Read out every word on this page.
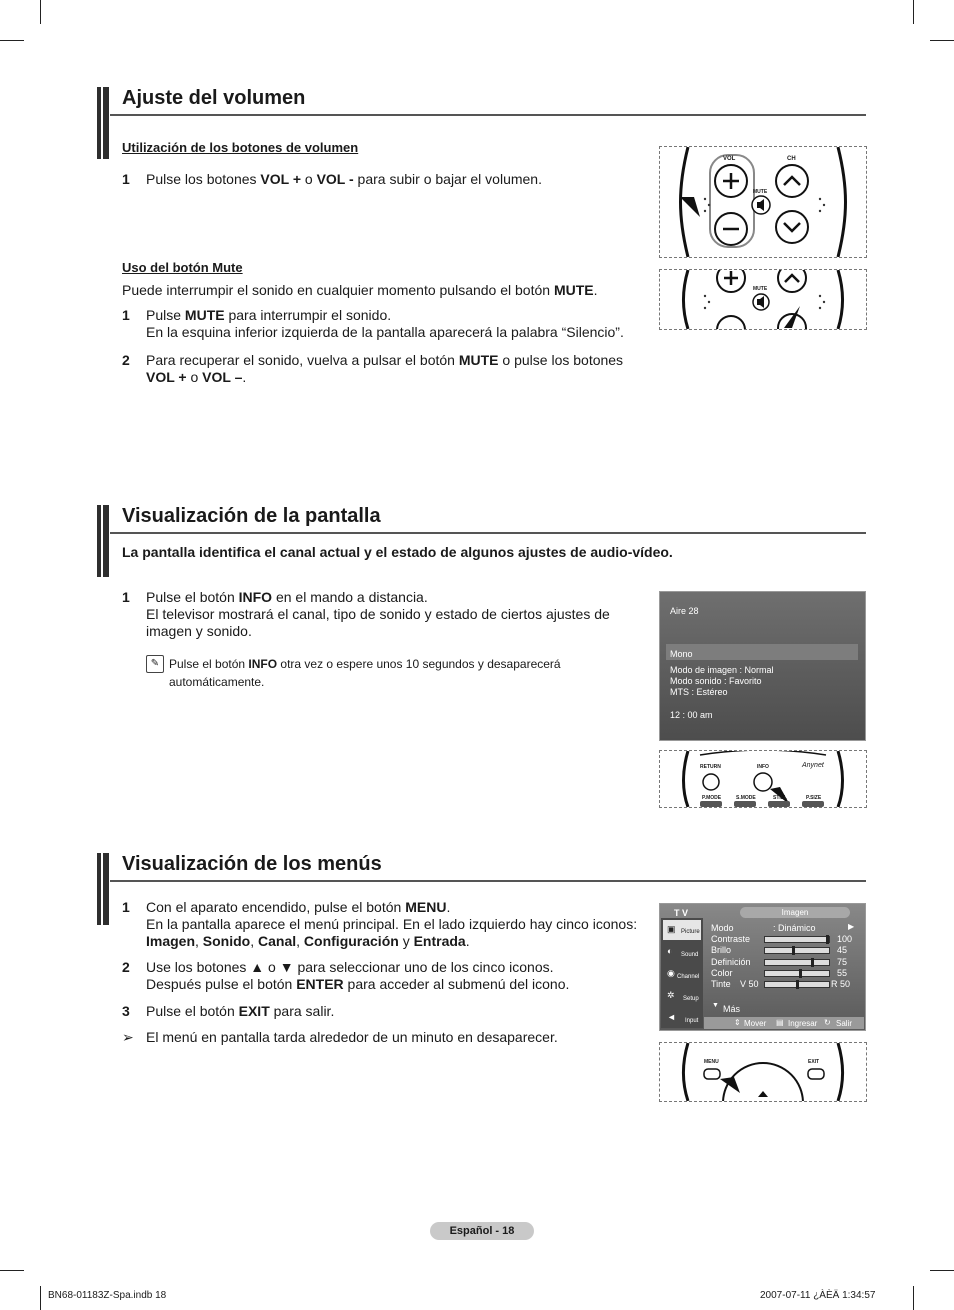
Ajuste del volumen
Utilización de los botones de volumen
1 Pulse los botones VOL + o VOL - para subir o bajar el volumen.
Uso del botón Mute
Puede interrumpir el sonido en cualquier momento pulsando el botón MUTE.
1 Pulse MUTE para interrumpir el sonido.
En la esquina inferior izquierda de la pantalla aparecerá la palabra “Silencio”.
2 Para recuperar el sonido, vuelva a pulsar el botón MUTE o pulse los botones
VOL + o VOL –.
VOL	CH
MUTE
MUTE
Visualización de la pantalla
La pantalla identifica el canal actual y el estado de algunos ajustes de audio-vídeo.
1 Pulse el botón INFO en el mando a distancia.
El televisor mostrará el canal, tipo de sonido y estado de ciertos ajustes de
imagen y sonido.
✎ Pulse el botón INFO otra vez o espere unos 10 segundos y desaparecerá
automáticamente.
Aire 28
Mono
Modo de imagen : Normal
Modo sonido : Favorito
MTS : Estéreo
12 : 00 am
RETURN	INFO	Anynet
P.MODE	S.MODE	STILL	P.SIZE
Visualización de los menús
1 Con el aparato encendido, pulse el botón MENU.
En la pantalla aparece el menú principal. En el lado izquierdo hay cinco iconos:
Imagen, Sonido, Canal, Configuración y Entrada.
2 Use los botones ▲ o ▼ para seleccionar uno de los cinco iconos.
Después pulse el botón ENTER para acceder al submenú del icono.
3 Pulse el botón EXIT para salir.
➢ El menú en pantalla tarda alrededor de un minuto en desaparecer.
T V	Imagen
▣ Picture
◐ Sound
◉ Channel
✲ Setup
◄ Input
Modo	: Dinámico	▶
Contraste	100
Brillo	45
Definición	75
Color	55
Tinte V 50	R 50
▼ Más
⇕ Mover ▤ Ingresar ↻ Salir
MENU	EXIT
Español - 18
BN68-01183Z-Spa.indb 18	2007-07-11 ¿ÀÈÄ 1:34:57
